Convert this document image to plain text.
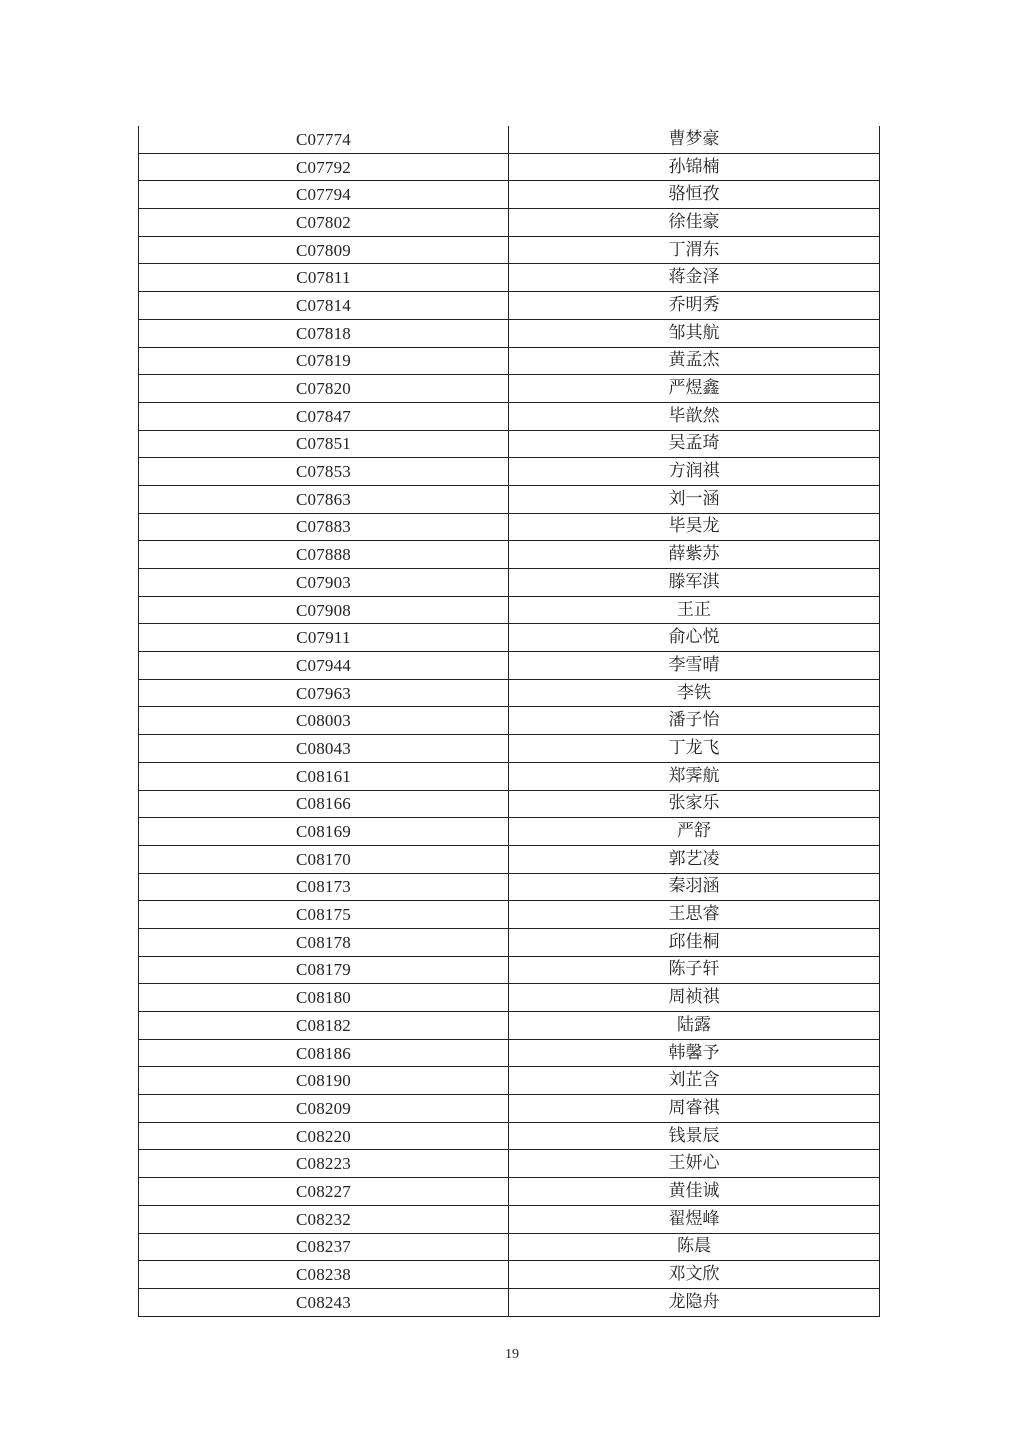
C07774	曹梦豪
C07792	孙锦楠
C07794	骆恒孜
C07802	徐佳豪
C07809	丁渭东
C07811	蒋金泽
C07814	乔明秀
C07818	邹其航
C07819	黄孟杰
C07820	严煜鑫
C07847	毕歆然
C07851	吴孟琦
C07853	方润祺
C07863	刘一涵
C07883	毕昊龙
C07888	薛紫苏
C07903	滕军淇
C07908	王正
C07911	俞心悦
C07944	李雪晴
C07963	李铁
C08003	潘子怡
C08043	丁龙飞
C08161	郑霁航
C08166	张家乐
C08169	严舒
C08170	郭艺凌
C08173	秦羽涵
C08175	王思睿
C08178	邱佳桐
C08179	陈子轩
C08180	周祯祺
C08182	陆露
C08186	韩馨予
C08190	刘芷含
C08209	周睿祺
C08220	钱景辰
C08223	王妍心
C08227	黄佳诚
C08232	翟煜峰
C08237	陈晨
C08238	邓文欣
C08243	龙隐舟
19
